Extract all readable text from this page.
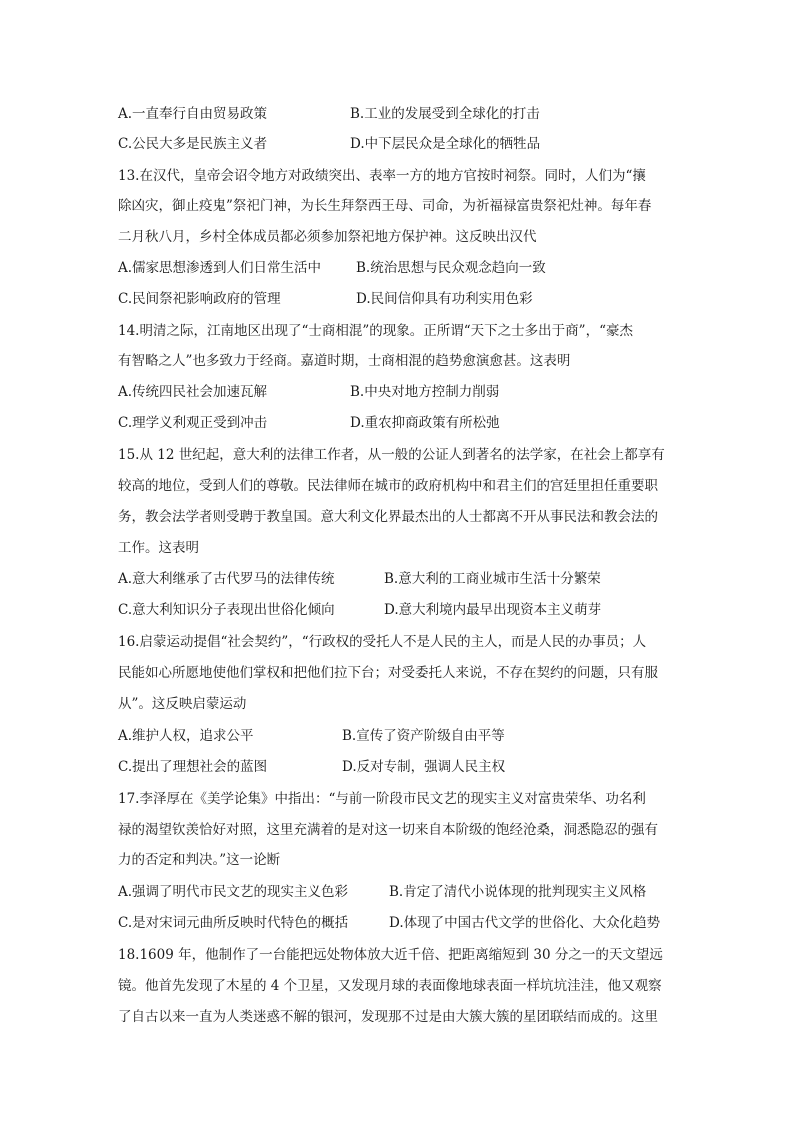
A.一直奉行自由贸易政策	B.工业的发展受到全球化的打击
C.公民大多是民族主义者	D.中下层民众是全球化的牺牲品
13.在汉代，皇帝会诏令地方对政绩突出、表率一方的地方官按时祠祭。同时，人们为“攘
除凶灾，御止疫鬼”祭祀门神，为长生拜祭西王母、司命，为祈福禄富贵祭祀灶神。每年春
二月秋八月，乡村全体成员都必须参加祭祀地方保护神。这反映出汉代
A.儒家思想渗透到人们日常生活中	B.统治思想与民众观念趋向一致
C.民间祭祀影响政府的管理	D.民间信仰具有功利实用色彩
14.明清之际，江南地区出现了“士商相混”的现象。正所谓“天下之士多出于商”，“豪杰
有智略之人”也多致力于经商。嘉道时期，士商相混的趋势愈演愈甚。这表明
A.传统四民社会加速瓦解	B.中央对地方控制力削弱
C.理学义利观正受到冲击	D.重农抑商政策有所松弛
15.从 12 世纪起，意大利的法律工作者，从一般的公证人到著名的法学家，在社会上都享有
较高的地位，受到人们的尊敬。民法律师在城市的政府机构中和君主们的宫廷里担任重要职
务，教会法学者则受聘于教皇国。意大利文化界最杰出的人士都离不开从事民法和教会法的
工作。这表明
A.意大利继承了古代罗马的法律传统	B.意大利的工商业城市生活十分繁荣
C.意大利知识分子表现出世俗化倾向	D.意大利境内最早出现资本主义萌芽
16.启蒙运动提倡“社会契约”，“行政权的受托人不是人民的主人，而是人民的办事员；人
民能如心所愿地使他们掌权和把他们拉下台；对受委托人来说，不存在契约的问题，只有服
从”。这反映启蒙运动
A.维护人权，追求公平	B.宣传了资产阶级自由平等
C.提出了理想社会的蓝图	D.反对专制，强调人民主权
17.李泽厚在《美学论集》中指出：“与前一阶段市民文艺的现实主义对富贵荣华、功名利
禄的渴望钦羡恰好对照，这里充满着的是对这一切来自本阶级的饱经沧桑，洞悉隐忍的强有
力的否定和判决。”这一论断
A.强调了明代市民文艺的现实主义色彩	B.肯定了清代小说体现的批判现实主义风格
C.是对宋词元曲所反映时代特色的概括	D.体现了中国古代文学的世俗化、大众化趋势
18.1609 年，他制作了一台能把远处物体放大近千倍、把距离缩短到 30 分之一的天文望远
镜。他首先发现了木星的 4 个卫星，又发现月球的表面像地球表面一样坑坑洼洼，他又观察
了自古以来一直为人类迷惑不解的银河，发现那不过是由大簇大簇的星团联结而成的。这里
